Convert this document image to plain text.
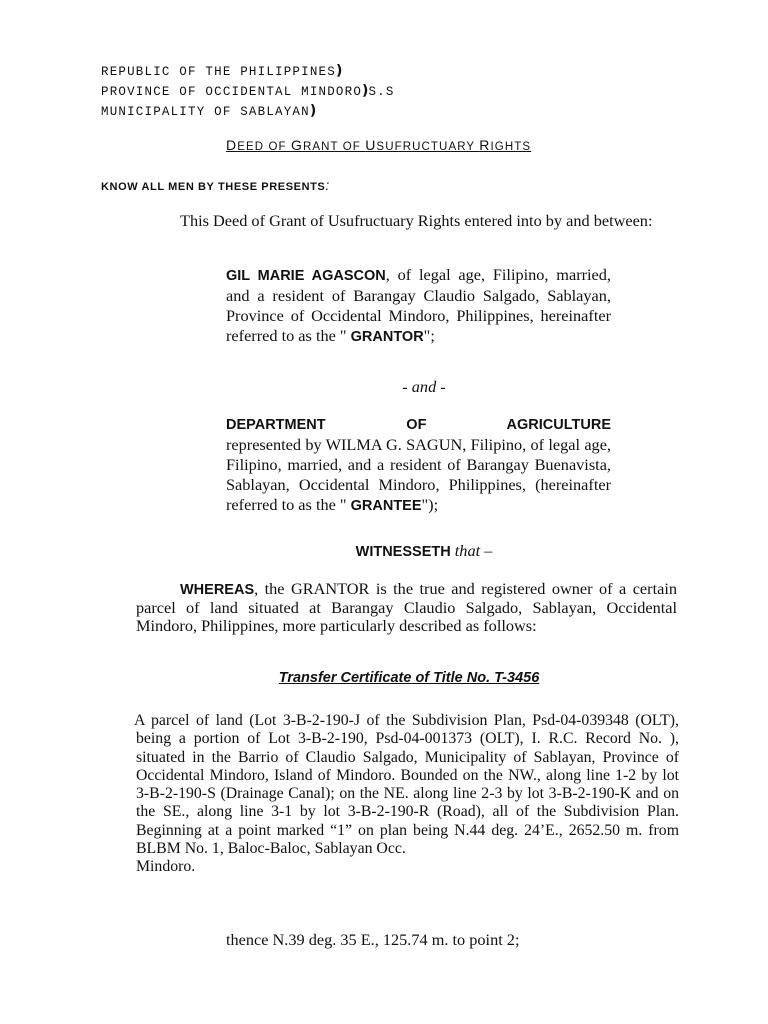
REPUBLIC OF THE PHILIPPINES)
PROVINCE OF OCCIDENTAL MINDORO)S.S
MUNICIPALITY OF SABLAYAN)
DEED OF GRANT OF USUFRUCTUARY RIGHTS
KNOW ALL MEN BY THESE PRESENTS:
This Deed of Grant of Usufructuary Rights entered into by and between:
GIL MARIE AGASCON, of legal age, Filipino, married, and a resident of Barangay Claudio Salgado, Sablayan, Province of Occidental Mindoro, Philippines, hereinafter referred to as the " GRANTOR";
- and -
DEPARTMENT OF AGRICULTURE
represented by WILMA G. SAGUN, Filipino, of legal age, Filipino, married, and a resident of Barangay Buenavista, Sablayan, Occidental Mindoro, Philippines, (hereinafter referred to as the " GRANTEE");
WITNESSETH that –
WHEREAS, the GRANTOR is the true and registered owner of a certain parcel of land situated at Barangay Claudio Salgado, Sablayan, Occidental Mindoro, Philippines, more particularly described as follows:
Transfer Certificate of Title No. T-3456
A parcel of land (Lot 3-B-2-190-J of the Subdivision Plan, Psd-04-039348 (OLT), being a portion of Lot 3-B-2-190, Psd-04-001373 (OLT), I. R.C. Record No. ), situated in the Barrio of Claudio Salgado, Municipality of Sablayan, Province of Occidental Mindoro, Island of Mindoro. Bounded on the NW., along line 1-2 by lot 3-B-2-190-S (Drainage Canal); on the NE. along line 2-3 by lot 3-B-2-190-K and on the SE., along line 3-1 by lot 3-B-2-190-R (Road), all of the Subdivision Plan. Beginning at a point marked “1” on plan being N.44 deg. 24’E., 2652.50 m. from BLBM No. 1, Baloc-Baloc, Sablayan Occ.
Mindoro.
thence N.39 deg. 35 E., 125.74 m. to point 2;
